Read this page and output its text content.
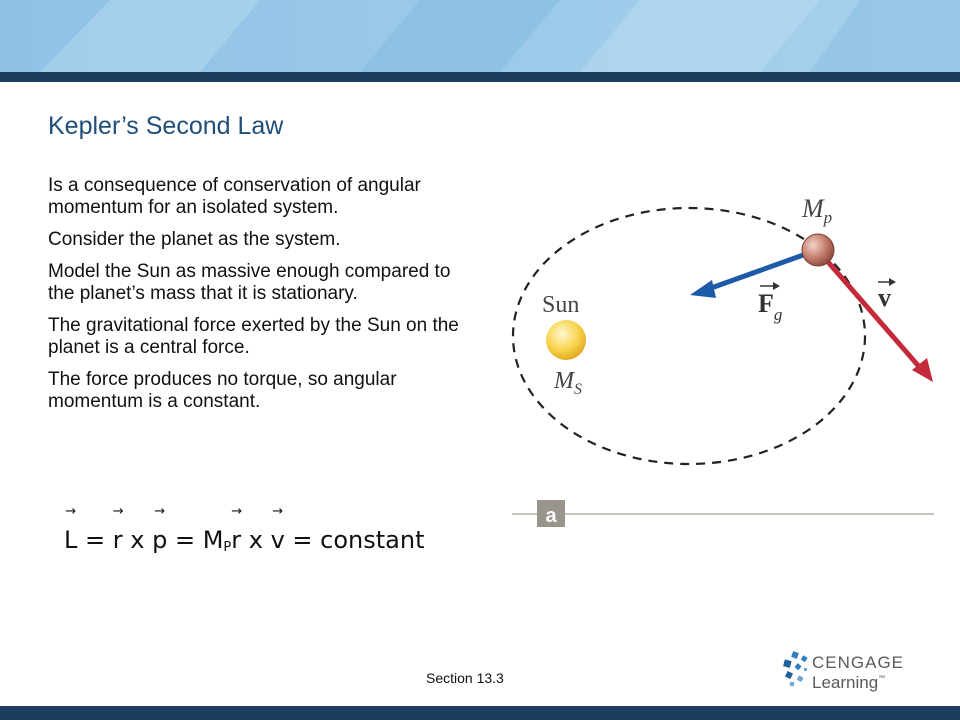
Kepler’s Second Law

Is a consequence of conservation of angular momentum for an isolated system.

Consider the planet as the system.

Model the Sun as massive enough compared to the planet’s mass that it is stationary.

The gravitational force exerted by the Sun on the planet is a central force.

The force produces no torque, so angular momentum is a constant.

→ L = → r $x \to p = M_P\to r$ x → v = constant
$M_p$
Sun
$M_S$
$F_g$
v
a
Section 13.3
CENGAGE
Learning™
